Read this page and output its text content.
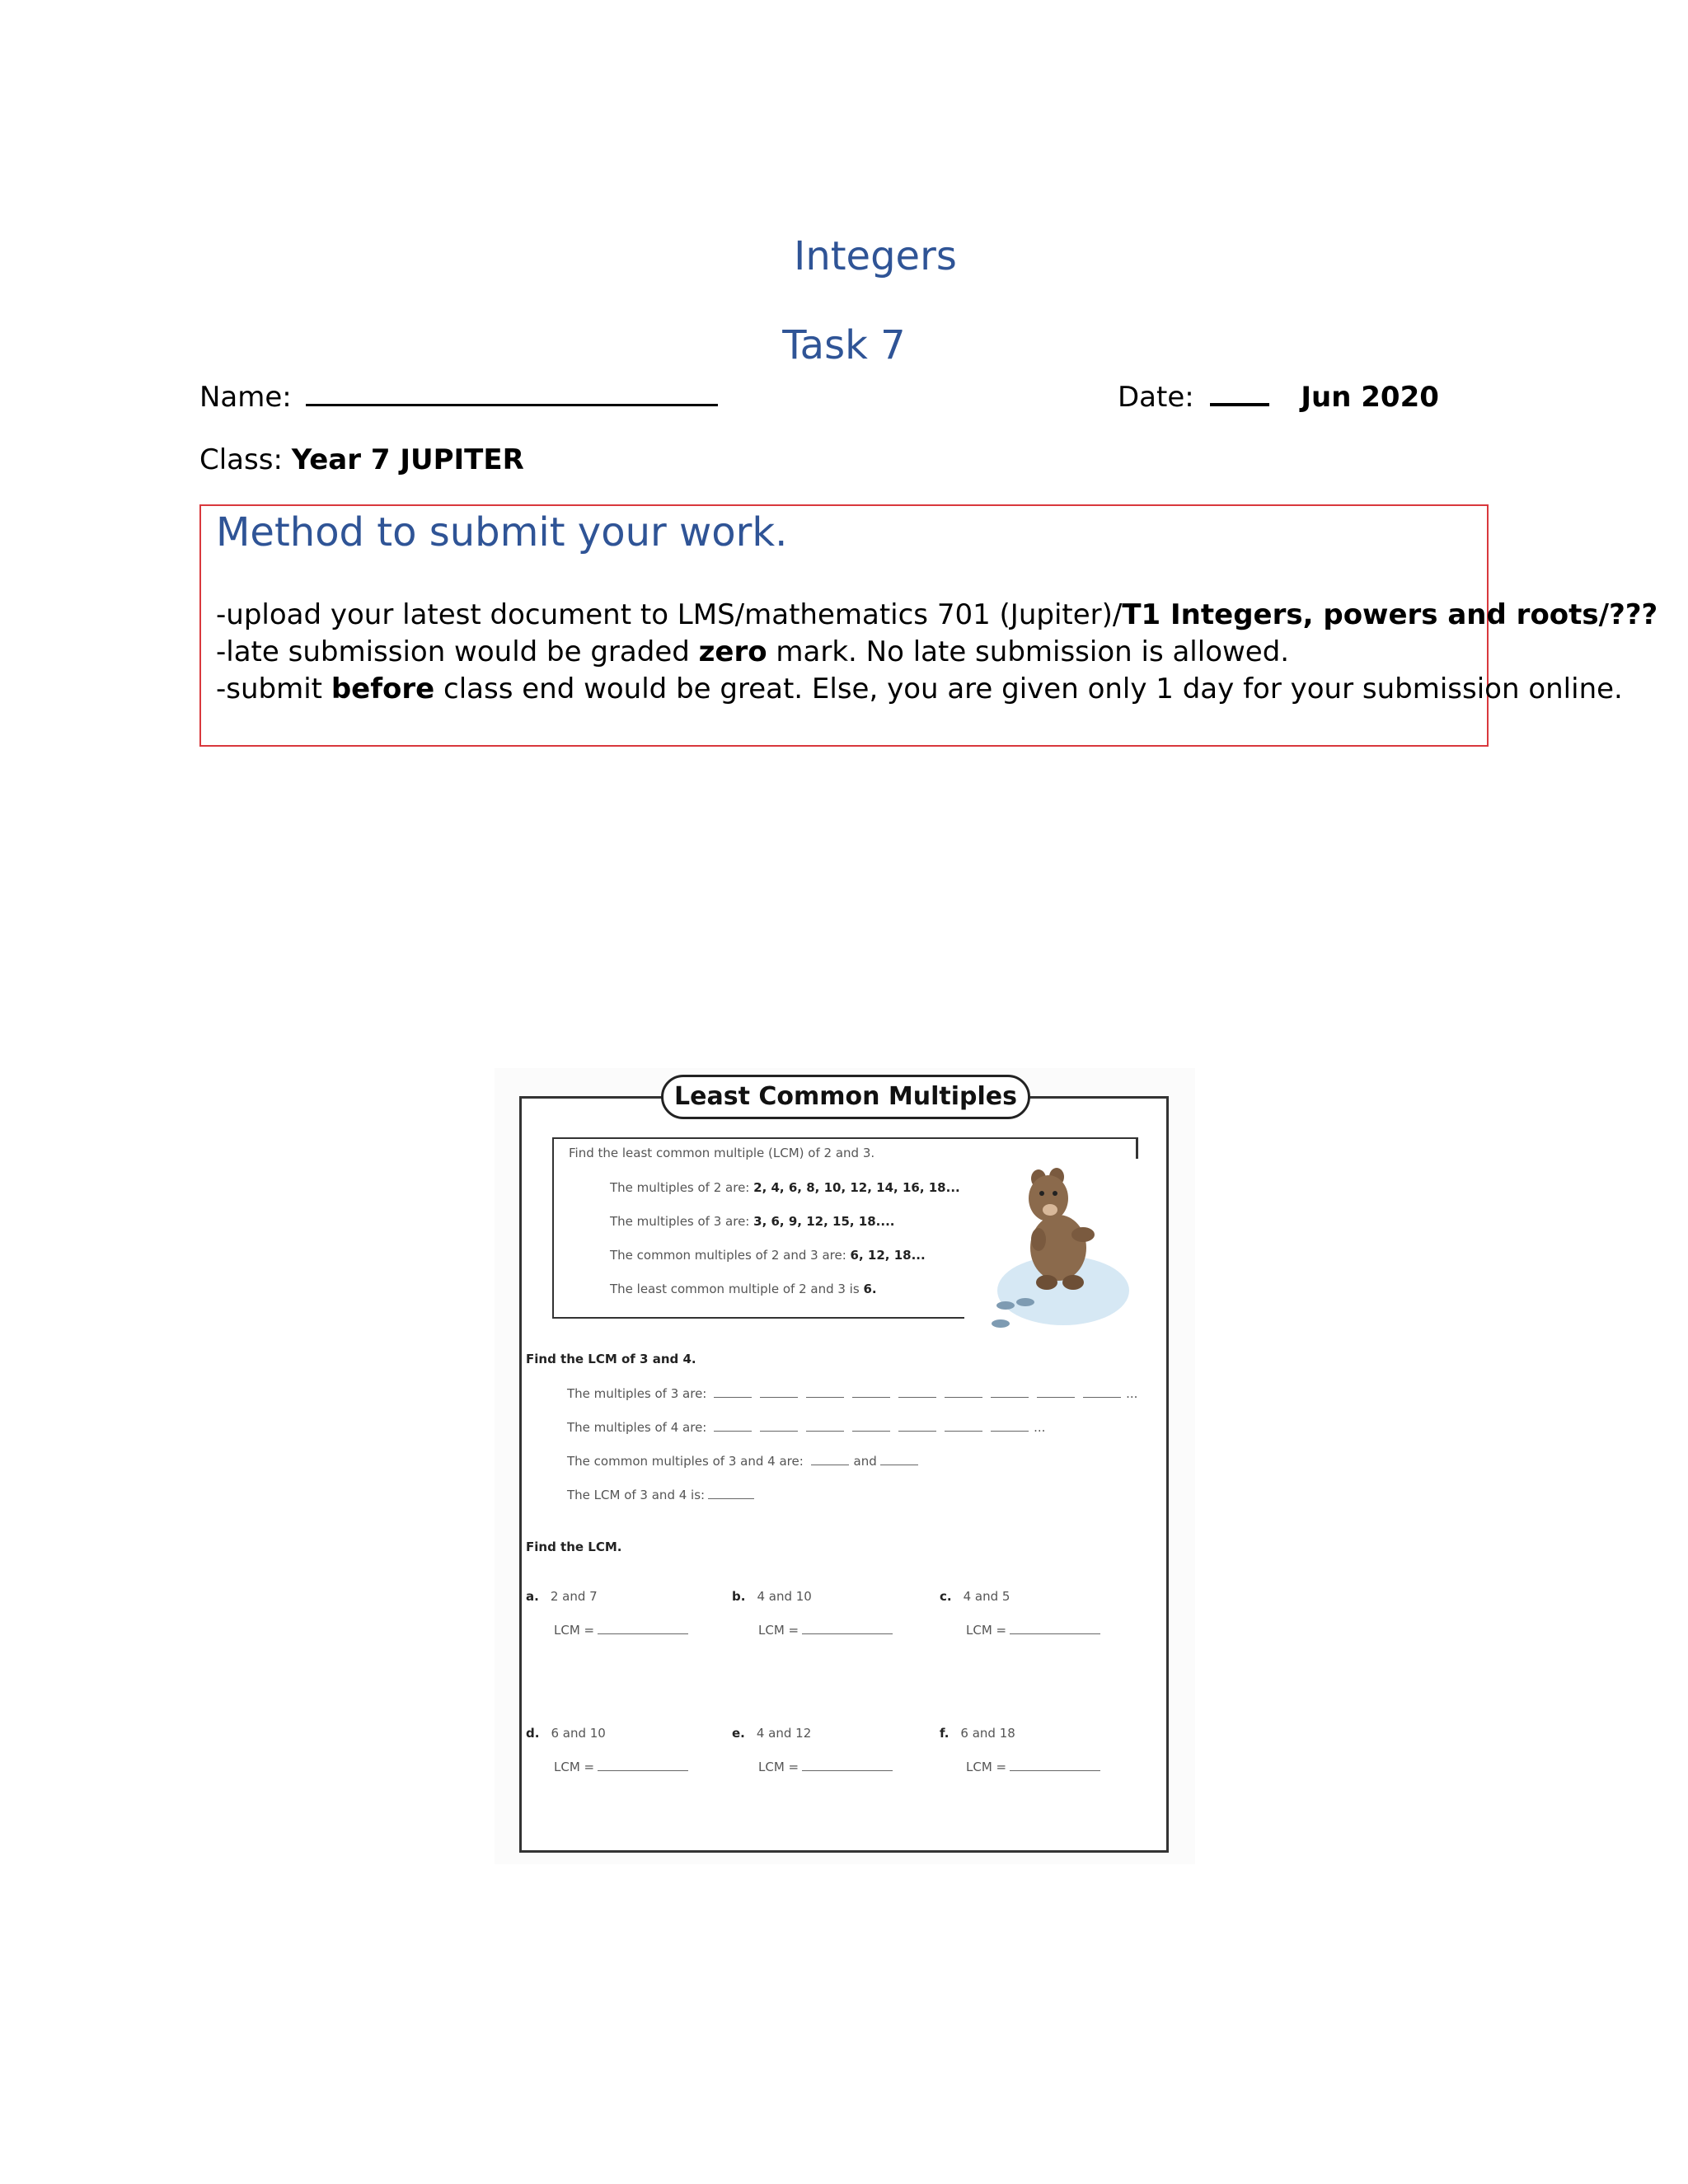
Integers
Task 7
Name:	Date:	Jun 2020
Class: Year 7 JUPITER
Method to submit your work.
-upload your latest document to LMS/mathematics 701 (Jupiter)/T1 Integers, powers and roots/???
-late submission would be graded zero mark. No late submission is allowed.
-submit before class end would be great. Else, you are given only 1 day for your submission online.
Least Common Multiples
Find the least common multiple (LCM) of 2 and 3.
The multiples of 2 are: 2, 4, 6, 8, 10, 12, 14, 16, 18...
The multiples of 3 are: 3, 6, 9, 12, 15, 18....
The common multiples of 2 and 3 are: 6, 12, 18...
The least common multiple of 2 and 3 is 6.
Find the LCM of 3 and 4.
The multiples of 3 are:	...
The multiples of 4 are:	...
The common multiples of 3 and 4 are:	and
The LCM of 3 and 4 is:
Find the LCM.
a. 2 and 7
LCM =
b. 4 and 10
LCM =
c. 4 and 5
LCM =
d. 6 and 10
LCM =
e. 4 and 12
LCM =
f. 6 and 18
LCM =
